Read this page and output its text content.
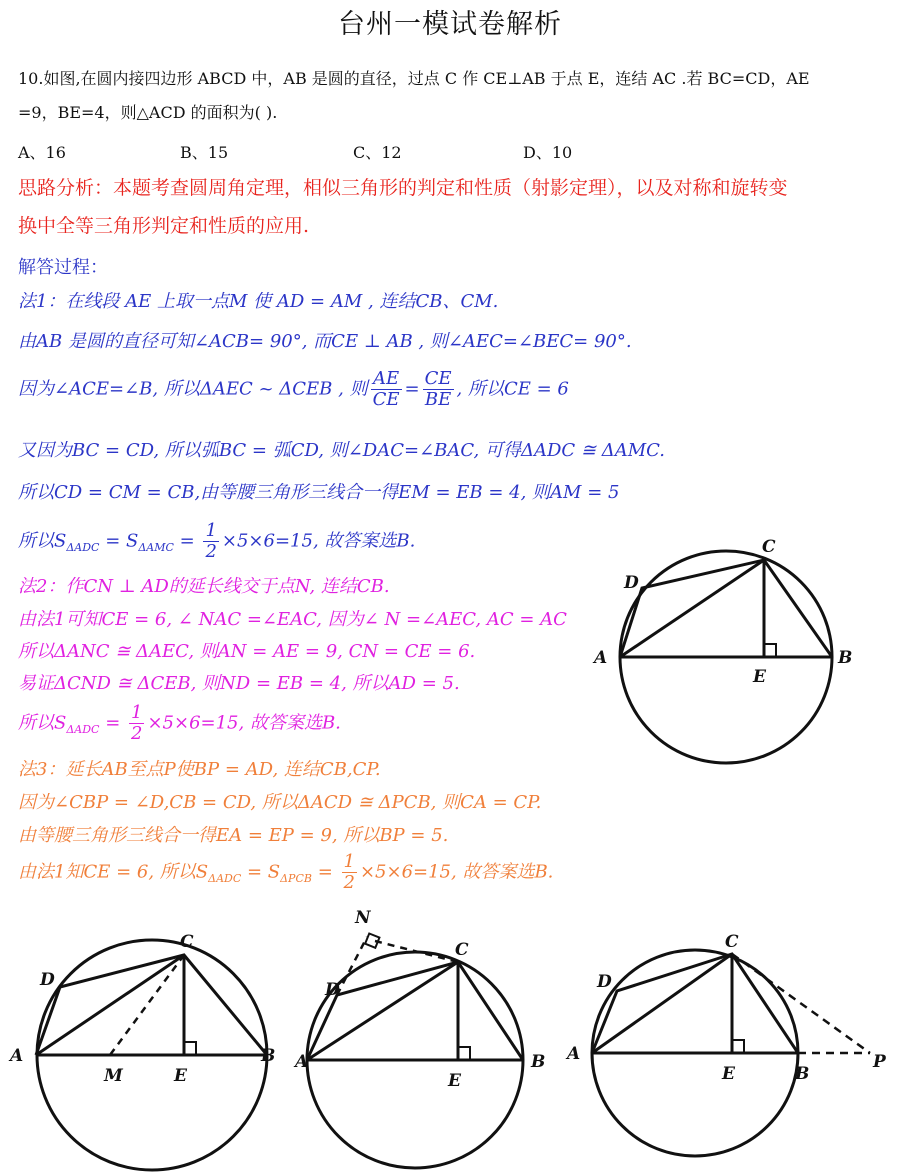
台州一模试卷解析
10.如图,在圆内接四边形 ABCD 中，AB 是圆的直径，过点 C 作 CE⊥AB 于点 E，连结 AC .若 BC=CD，AE
=9，BE=4，则△ACD 的面积为( ).
A、16	B、15	C、12	D、10
思路分析：本题考查圆周角定理，相似三角形的判定和性质（射影定理），以及对称和旋转变
换中全等三角形判定和性质的应用.
解答过程：
法1：在线段 AE 上取一点M 使 AD = AM , 连结CB、CM.
由AB 是圆的直径可知∠ACB= 90°, 而CE ⊥ AB , 则∠AEC=∠BEC= 90°.
因为∠ACE=∠B, 所以ΔAEC ~ ΔCEB , 则 $\frac{AE}{CE} = \frac{CE}{BE}$ , 所以CE = 6
又因为BC = CD, 所以弧BC = 弧CD, 则∠DAC=∠BAC, 可得ΔADC ≅ ΔAMC.
所以CD = CM = CB,由等腰三角形三线合一得EM = EB = 4, 则AM = 5
所以$S_{\Delta ADC} = S_{\Delta AMC} = \frac{1}{2} \times 5\times 6=15$, 故答案选B.
法2：作CN ⊥ AD的延长线交于点N, 连结CB.
由法1可知CE = 6, ∠ NAC =∠EAC, 因为∠ N =∠AEC, AC = AC
所以ΔANC ≅ ΔAEC, 则AN = AE = 9, CN = CE = 6.
易证ΔCND ≅ ΔCEB, 则ND = EB = 4, 所以AD = 5.
所以$S_{\Delta ADC} = \frac{1}{2} \times 5\times 6=15$, 故答案选B.
法3：延长AB至点P使BP = AD, 连结CB,CP.
因为∠CBP = ∠D,CB = CD, 所以ΔACD ≅ ΔPCB, 则CA = CP.
由等腰三角形三线合一得EA = EP = 9, 所以BP = 5.
由法1知CE = 6, 所以$S_{\Delta ADC} = S_{\Delta PCB} = \frac{1}{2} \times 5\times 6=15$, 故答案选B.
C
D
A	B
E
C
D
A	B
M	E
N
C
D
A	B
E
C
D
A
B
E
P
